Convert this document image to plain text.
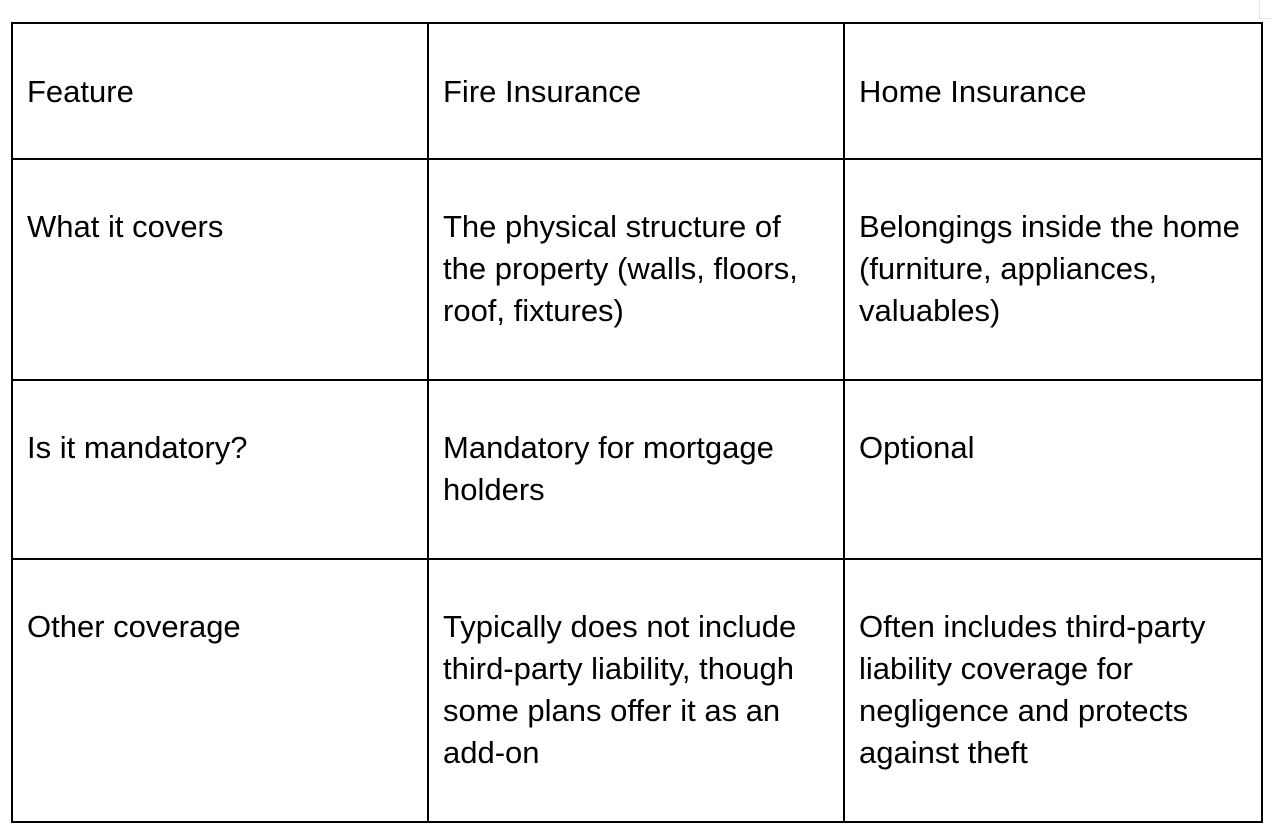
Feature	Fire Insurance	Home Insurance
What it covers	The physical structure of the property (walls, floors, roof, fixtures)	Belongings inside the home (furniture, appliances, valuables)
Is it mandatory?	Mandatory for mortgage holders	Optional
Other coverage	Typically does not include third-party liability, though some plans offer it as an add-on	Often includes third-party liability coverage for negligence and protects against theft
